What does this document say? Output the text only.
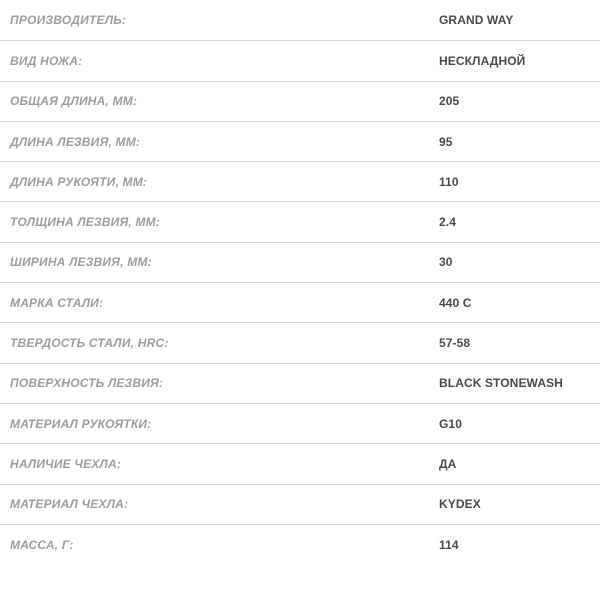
ПРОИЗВОДИТЕЛЬ:	GRAND WAY
ВИД НОЖА:	НЕСКЛАДНОЙ
ОБЩАЯ ДЛИНА, ММ:	205
ДЛИНА ЛЕЗВИЯ, ММ:	95
ДЛИНА РУКОЯТИ, ММ:	110
ТОЛЩИНА ЛЕЗВИЯ, ММ:	2.4
ШИРИНА ЛЕЗВИЯ, ММ:	30
МАРКА СТАЛИ:	440 C
ТВЕРДОСТЬ СТАЛИ, HRC:	57-58
ПОВЕРХНОСТЬ ЛЕЗВИЯ:	BLACK STONEWASH
МАТЕРИАЛ РУКОЯТКИ:	G10
НАЛИЧИЕ ЧЕХЛА:	ДА
МАТЕРИАЛ ЧЕХЛА:	KYDEX
МАССА, Г:	114
